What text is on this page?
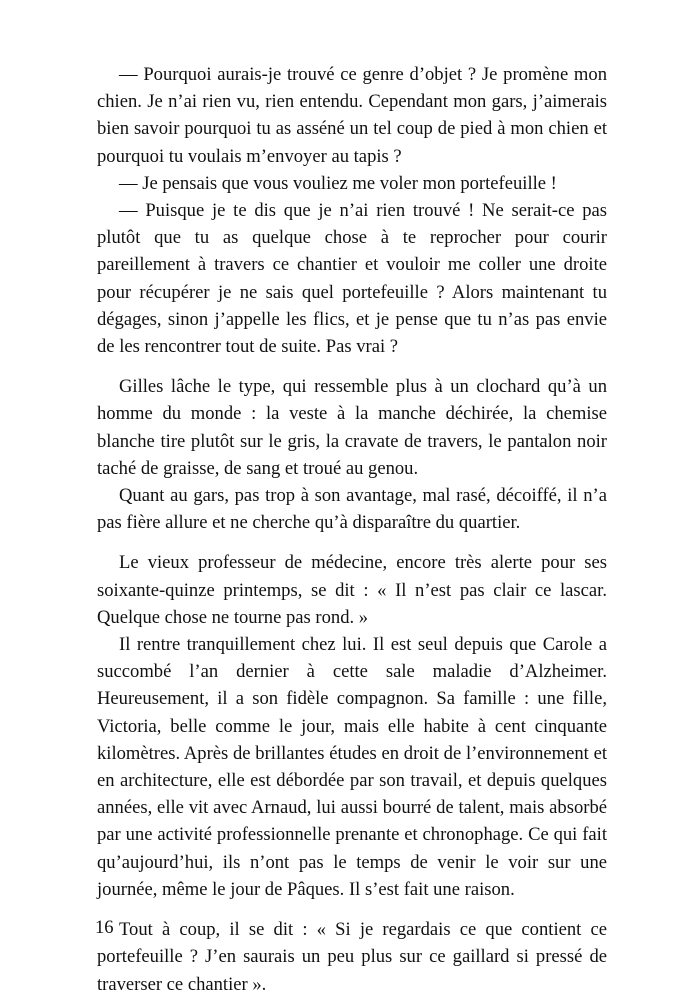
— Pourquoi aurais-je trouvé ce genre d’objet ? Je promène mon chien. Je n’ai rien vu, rien entendu. Cependant mon gars, j’aimerais bien savoir pourquoi tu as asséné un tel coup de pied à mon chien et pourquoi tu voulais m’envoyer au tapis ?

— Je pensais que vous vouliez me voler mon portefeuille !

— Puisque je te dis que je n’ai rien trouvé ! Ne serait-ce pas plutôt que tu as quelque chose à te reprocher pour courir pareillement à travers ce chantier et vouloir me coller une droite pour récupérer je ne sais quel portefeuille ? Alors maintenant tu dégages, sinon j’appelle les flics, et je pense que tu n’as pas envie de les rencontrer tout de suite. Pas vrai ?

Gilles lâche le type, qui ressemble plus à un clochard qu’à un homme du monde : la veste à la manche déchirée, la chemise blanche tire plutôt sur le gris, la cravate de travers, le pantalon noir taché de graisse, de sang et troué au genou.

Quant au gars, pas trop à son avantage, mal rasé, décoiffé, il n’a pas fière allure et ne cherche qu’à disparaître du quartier.

Le vieux professeur de médecine, encore très alerte pour ses soixante-quinze printemps, se dit : « Il n’est pas clair ce lascar. Quelque chose ne tourne pas rond. »

Il rentre tranquillement chez lui. Il est seul depuis que Carole a succombé l’an dernier à cette sale maladie d’Alzheimer. Heureusement, il a son fidèle compagnon. Sa famille : une fille, Victoria, belle comme le jour, mais elle habite à cent cinquante kilomètres. Après de brillantes études en droit de l’environnement et en architecture, elle est débordée par son travail, et depuis quelques années, elle vit avec Arnaud, lui aussi bourré de talent, mais absorbé par une activité professionnelle prenante et chronophage. Ce qui fait qu’aujourd’hui, ils n’ont pas le temps de venir le voir sur une journée, même le jour de Pâques. Il s’est fait une raison.

Tout à coup, il se dit : « Si je regardais ce que contient ce portefeuille ? J’en saurais un peu plus sur ce gaillard si pressé de traverser ce chantier ».

16
